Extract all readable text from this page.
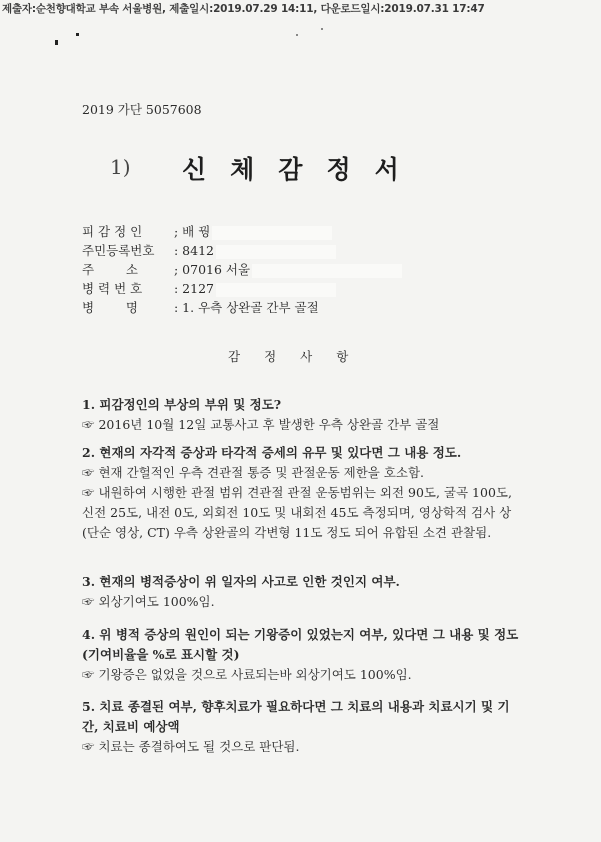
제출자:순천향대학교 부속 서울병원, 제출일시:2019.07.29 14:11, 다운로드일시:2019.07.31 17:47
2019 가단 5057608
1) 신체감정서
피 감 정 인	; 배 꿩
주민등록번호 : 8412
주        소	; 07016 서울
병 력 번 호	: 2127
병        명	: 1. 우측 상완골 간부 골절
감정사항
1. 피감정인의 부상의 부위 및 정도?
☞ 2016년 10월 12일 교통사고 후 발생한 우측 상완골 간부 골절
2. 현재의 자각적 증상과 타각적 증세의 유무 및 있다면 그 내용 정도.
☞ 현재 간헐적인 우측 견관절 통증 및 관절운동 제한을 호소함.
☞ 내원하여 시행한 관절 범위 견관절 관절 운동범위는 외전 90도, 굴곡 100도, 신전 25도, 내전 0도, 외회전 10도 및 내회전 45도 측정되며, 영상학적 검사 상(단순 영상, CT) 우측 상완골의 각변형 11도 정도 되어 유합된 소견 관찰됨.
3. 현재의 병적증상이 위 일자의 사고로 인한 것인지 여부.
☞ 외상기여도 100%임.
4. 위 병적 증상의 원인이 되는 기왕증이 있었는지 여부, 있다면 그 내용 및 정도(기여비율을 %로 표시할 것)
☞ 기왕증은 없었을 것으로 사료되는바 외상기여도 100%임.
5. 치료 종결된 여부, 향후치료가 필요하다면 그 치료의 내용과 치료시기 및 기간, 치료비 예상액
☞ 치료는 종결하여도 될 것으로 판단됨.
